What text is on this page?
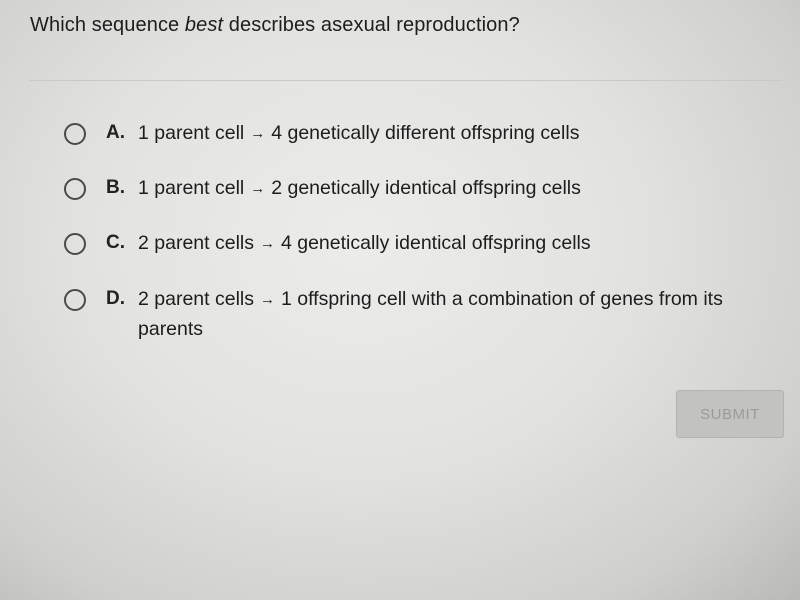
Which sequence best describes asexual reproduction?
A. 1 parent cell → 4 genetically different offspring cells
B. 1 parent cell → 2 genetically identical offspring cells
C. 2 parent cells → 4 genetically identical offspring cells
D. 2 parent cells → 1 offspring cell with a combination of genes from its parents
SUBMIT
